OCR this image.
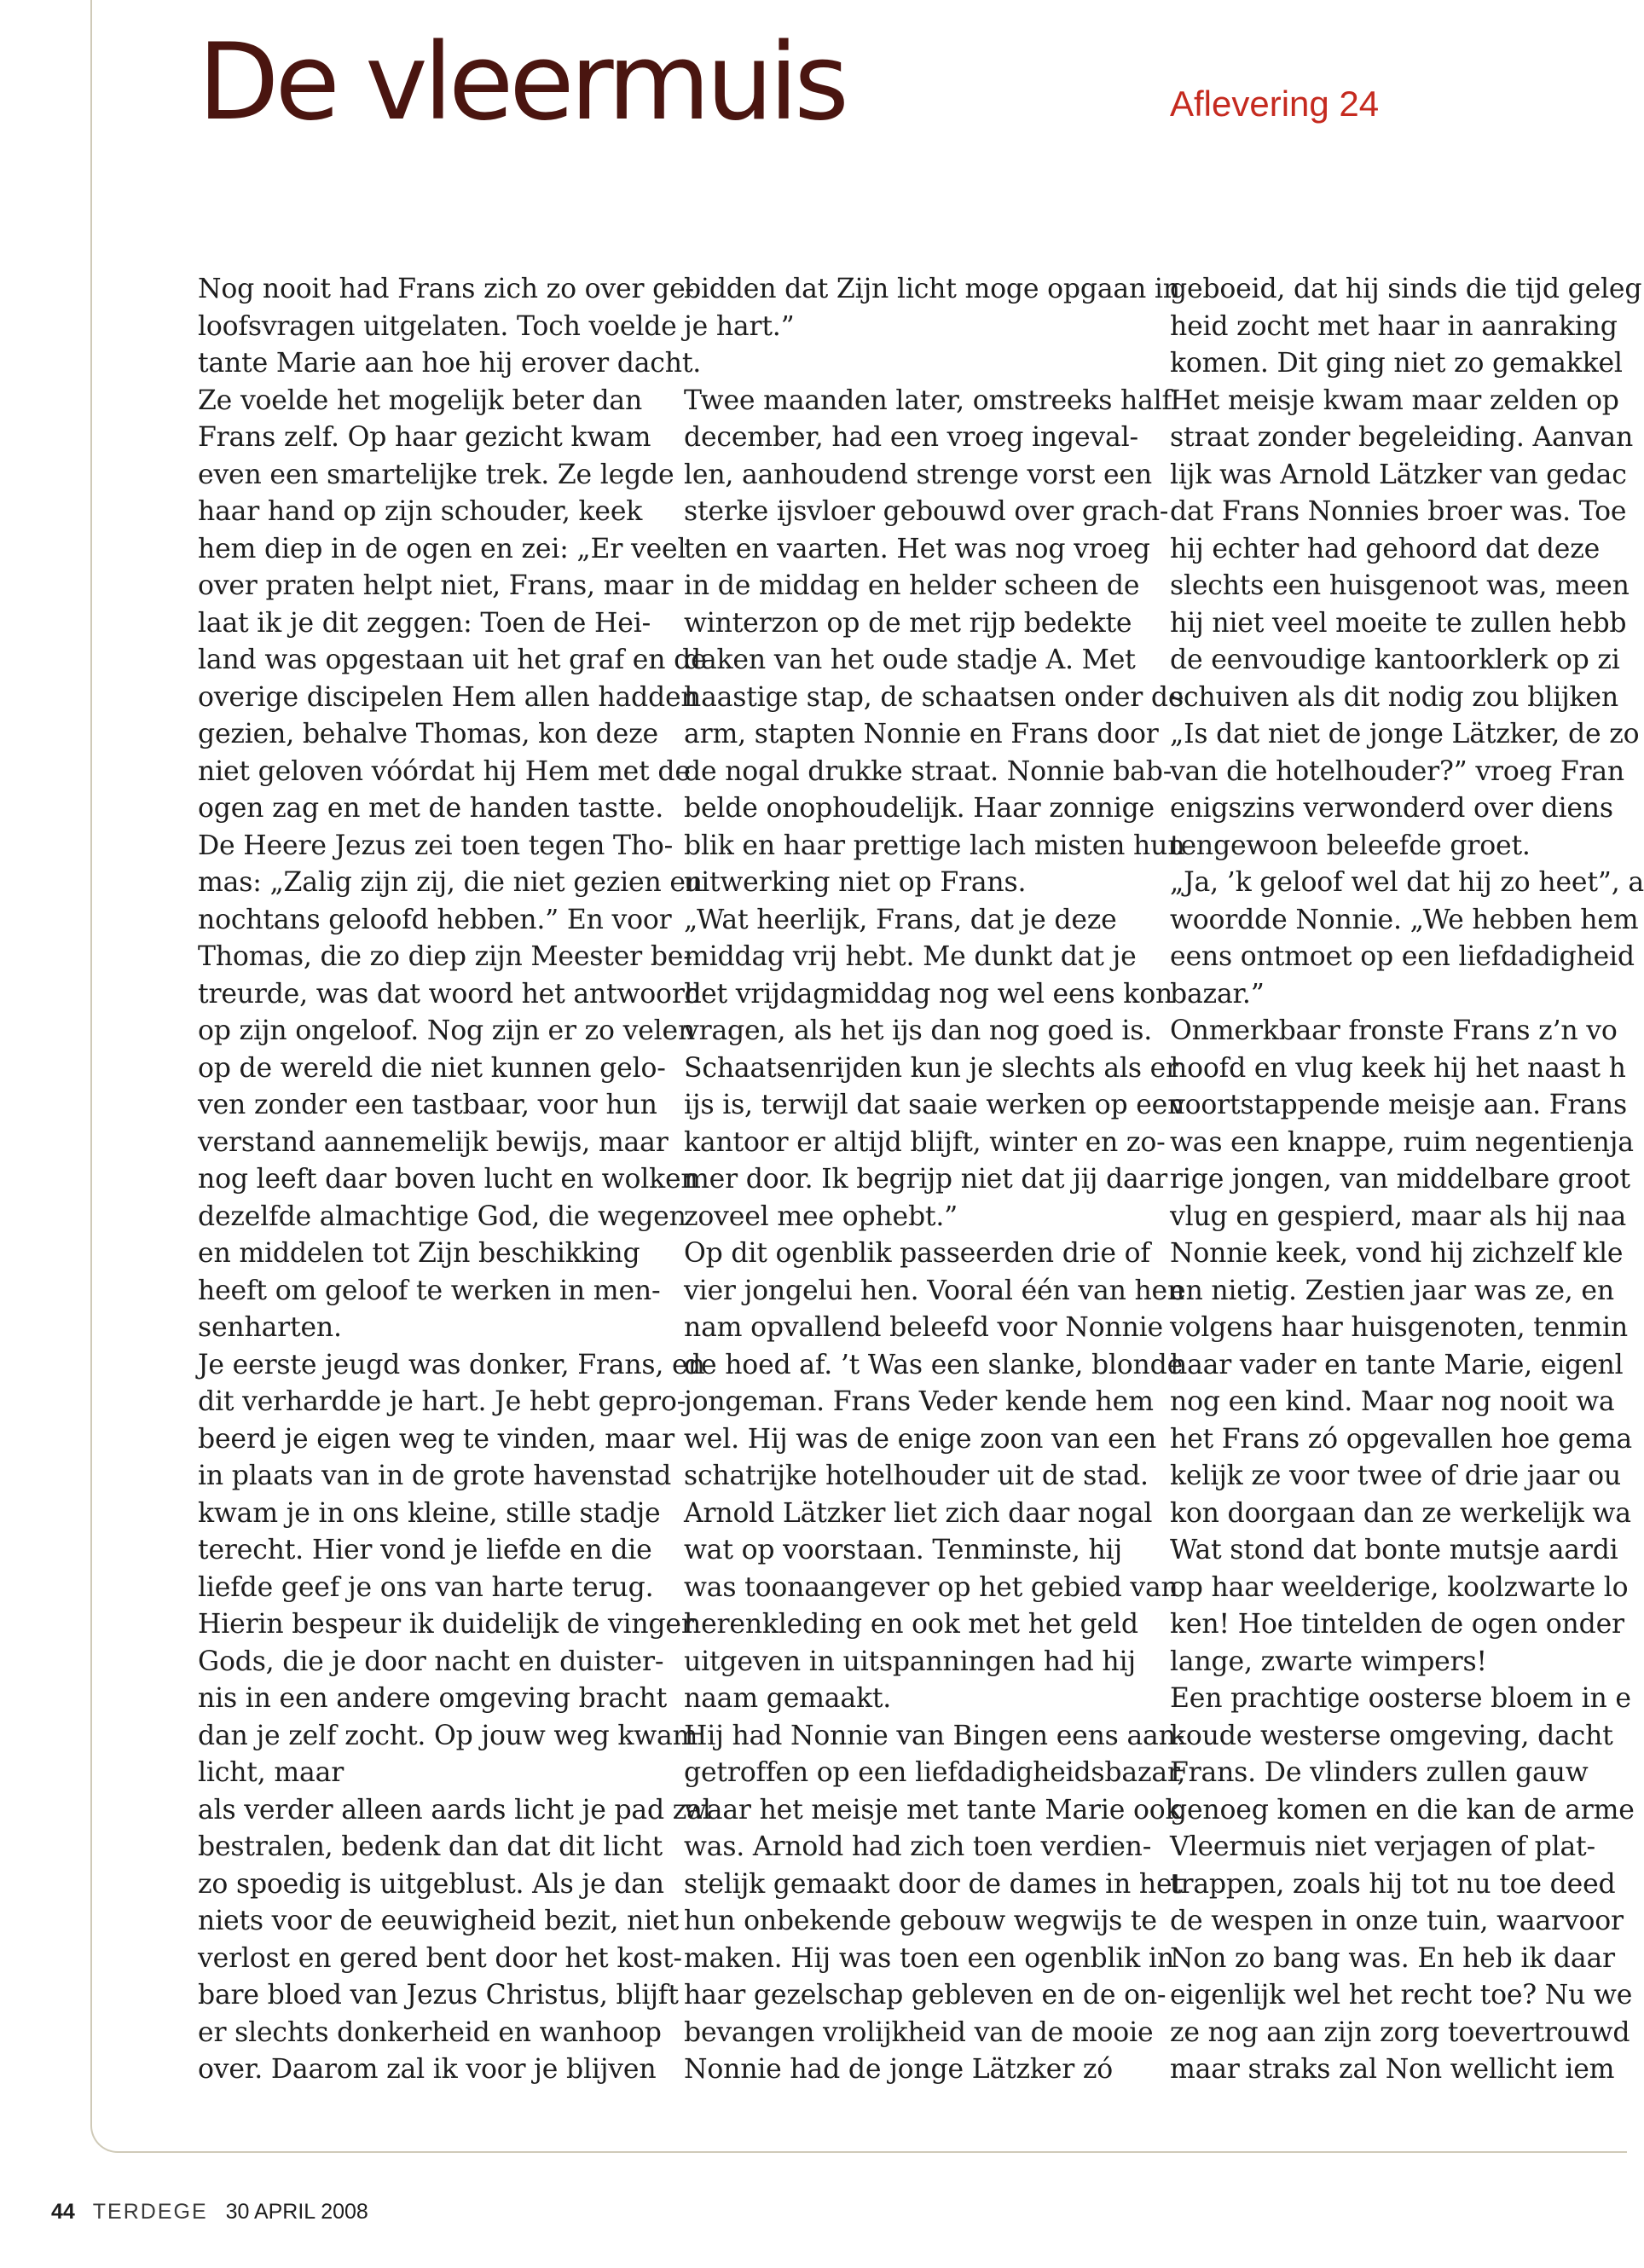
De vleermuis	Aflevering 24
Nog nooit had Frans zich zo over ge-
loofsvragen uitgelaten. Toch voelde
tante Marie aan hoe hij erover dacht.
Ze voelde het mogelijk beter dan
Frans zelf. Op haar gezicht kwam
even een smartelijke trek. Ze legde
haar hand op zijn schouder, keek
hem diep in de ogen en zei: „Er veel
over praten helpt niet, Frans, maar
laat ik je dit zeggen: Toen de Hei-
land was opgestaan uit het graf en de
overige discipelen Hem allen hadden
gezien, behalve Thomas, kon deze
niet geloven vóórdat hij Hem met de
ogen zag en met de handen tastte.
De Heere Jezus zei toen tegen Tho-
mas: „Zalig zijn zij, die niet gezien en
nochtans geloofd hebben.” En voor
Thomas, die zo diep zijn Meester be-
treurde, was dat woord het antwoord
op zijn ongeloof. Nog zijn er zo velen
op de wereld die niet kunnen gelo-
ven zonder een tastbaar, voor hun
verstand aannemelijk bewijs, maar
nog leeft daar boven lucht en wolken
dezelfde almachtige God, die wegen
en middelen tot Zijn beschikking
heeft om geloof te werken in men-
senharten.
Je eerste jeugd was donker, Frans, en
dit verhardde je hart. Je hebt gepro-
beerd je eigen weg te vinden, maar
in plaats van in de grote havenstad
kwam je in ons kleine, stille stadje
terecht. Hier vond je liefde en die
liefde geef je ons van harte terug.
Hierin bespeur ik duidelijk de vinger
Gods, die je door nacht en duister-
nis in een andere omgeving bracht
dan je zelf zocht. Op jouw weg kwam
licht, maar
als verder alleen aards licht je pad zal
bestralen, bedenk dan dat dit licht
zo spoedig is uitgeblust. Als je dan
niets voor de eeuwigheid bezit, niet
verlost en gered bent door het kost-
bare bloed van Jezus Christus, blijft
er slechts donkerheid en wanhoop
over. Daarom zal ik voor je blijven
bidden dat Zijn licht moge opgaan in
je hart.”
Twee maanden later, omstreeks half
december, had een vroeg ingeval-
len, aanhoudend strenge vorst een
sterke ijsvloer gebouwd over grach-
ten en vaarten. Het was nog vroeg
in de middag en helder scheen de
winterzon op de met rijp bedekte
daken van het oude stadje A. Met
haastige stap, de schaatsen onder de
arm, stapten Nonnie en Frans door
de nogal drukke straat. Nonnie bab-
belde onophoudelijk. Haar zonnige
blik en haar prettige lach misten hun
uitwerking niet op Frans.
„Wat heerlijk, Frans, dat je deze
middag vrij hebt. Me dunkt dat je
het vrijdagmiddag nog wel eens kon
vragen, als het ijs dan nog goed is.
Schaatsenrijden kun je slechts als er
ijs is, terwijl dat saaie werken op een
kantoor er altijd blijft, winter en zo-
mer door. Ik begrijp niet dat jij daar
zoveel mee ophebt.”
Op dit ogenblik passeerden drie of
vier jongelui hen. Vooral één van hen
nam opvallend beleefd voor Nonnie
de hoed af. ’t Was een slanke, blonde
jongeman. Frans Veder kende hem
wel. Hij was de enige zoon van een
schatrijke hotelhouder uit de stad.
Arnold Lätzker liet zich daar nogal
wat op voorstaan. Tenminste, hij
was toonaangever op het gebied van
herenkleding en ook met het geld
uitgeven in uitspanningen had hij
naam gemaakt.
Hij had Nonnie van Bingen eens aan-
getroffen op een liefdadigheidsbazar,
waar het meisje met tante Marie ook
was. Arnold had zich toen verdien-
stelijk gemaakt door de dames in het
hun onbekende gebouw wegwijs te
maken. Hij was toen een ogenblik in
haar gezelschap gebleven en de on-
bevangen vrolijkheid van de mooie
Nonnie had de jonge Lätzker zó
geboeid, dat hij sinds die tijd geleg
heid zocht met haar in aanraking
komen. Dit ging niet zo gemakkel
Het meisje kwam maar zelden op
straat zonder begeleiding. Aanvan
lijk was Arnold Lätzker van gedac
dat Frans Nonnies broer was. Toe
hij echter had gehoord dat deze
slechts een huisgenoot was, meen
hij niet veel moeite te zullen hebb
de eenvoudige kantoorklerk op zi
schuiven als dit nodig zou blijken
„Is dat niet de jonge Lätzker, de zo
van die hotelhouder?” vroeg Fran
enigszins verwonderd over diens
tengewoon beleefde groet.
„Ja, ’k geloof wel dat hij zo heet”, a
woordde Nonnie. „We hebben hem
eens ontmoet op een liefdadigheid
bazar.”
Onmerkbaar fronste Frans z’n vo
hoofd en vlug keek hij het naast h
voortstappende meisje aan. Frans
was een knappe, ruim negentienja
rige jongen, van middelbare groot
vlug en gespierd, maar als hij naa
Nonnie keek, vond hij zichzelf kle
en nietig. Zestien jaar was ze, en
volgens haar huisgenoten, tenmin
haar vader en tante Marie, eigenl
nog een kind. Maar nog nooit wa
het Frans zó opgevallen hoe gema
kelijk ze voor twee of drie jaar ou
kon doorgaan dan ze werkelijk wa
Wat stond dat bonte mutsje aardi
op haar weelderige, koolzwarte lo
ken! Hoe tintelden de ogen onder
lange, zwarte wimpers!
Een prachtige oosterse bloem in e
koude westerse omgeving, dacht
Frans. De vlinders zullen gauw
genoeg komen en die kan de arme
Vleermuis niet verjagen of plat-
trappen, zoals hij tot nu toe deed
de wespen in onze tuin, waarvoor
Non zo bang was. En heb ik daar
eigenlijk wel het recht toe? Nu we
ze nog aan zijn zorg toevertrouwd
maar straks zal Non wellicht iem
44 TERDEGE 30 APRIL 2008
